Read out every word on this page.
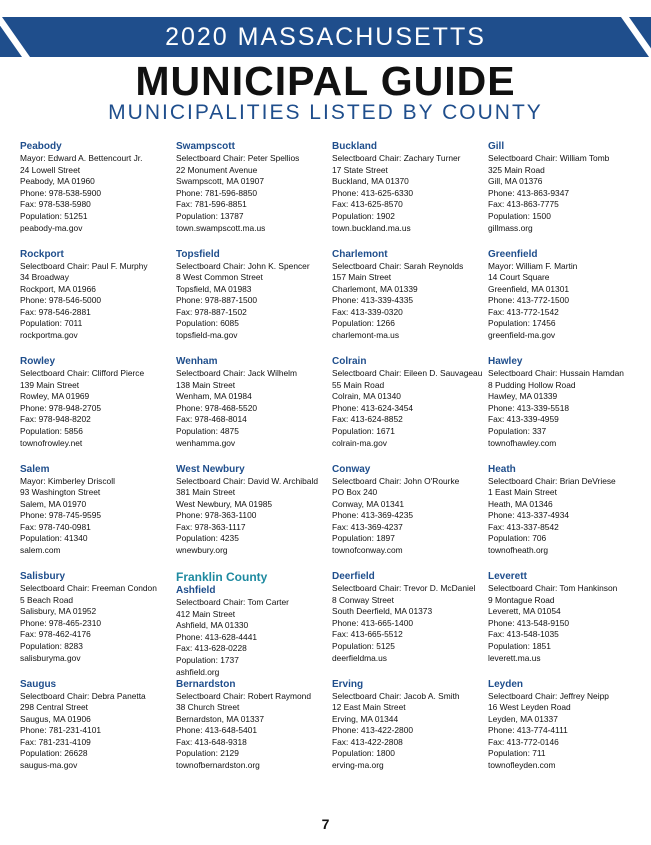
2020 MASSACHUSETTS
MUNICIPAL GUIDE
MUNICIPALITIES LISTED BY COUNTY
Peabody
Mayor: Edward A. Bettencourt Jr.
24 Lowell Street
Peabody, MA 01960
Phone: 978-538-5900
Fax: 978-538-5980
Population: 51251
peabody-ma.gov
Rockport
Selectboard Chair: Paul F. Murphy
34 Broadway
Rockport, MA 01966
Phone: 978-546-5000
Fax: 978-546-2881
Population: 7011
rockportma.gov
Rowley
Selectboard Chair: Clifford Pierce
139 Main Street
Rowley, MA 01969
Phone: 978-948-2705
Fax: 978-948-8202
Population: 5856
townofrowley.net
Salem
Mayor: Kimberley Driscoll
93 Washington Street
Salem, MA 01970
Phone: 978-745-9595
Fax: 978-740-0981
Population: 41340
salem.com
Salisbury
Selectboard Chair: Freeman Condon
5 Beach Road
Salisbury, MA 01952
Phone: 978-465-2310
Fax: 978-462-4176
Population: 8283
salisburyma.gov
Saugus
Selectboard Chair: Debra Panetta
298 Central Street
Saugus, MA 01906
Phone: 781-231-4101
Fax: 781-231-4109
Population: 26628
saugus-ma.gov
Swampscott
Selectboard Chair: Peter Spellios
22 Monument Avenue
Swampscott, MA 01907
Phone: 781-596-8850
Fax: 781-596-8851
Population: 13787
town.swampscott.ma.us
Topsfield
Selectboard Chair: John K. Spencer
8 West Common Street
Topsfield, MA 01983
Phone: 978-887-1500
Fax: 978-887-1502
Population: 6085
topsfield-ma.gov
Wenham
Selectboard Chair: Jack Wilhelm
138 Main Street
Wenham, MA 01984
Phone: 978-468-5520
Fax: 978-468-8014
Population: 4875
wenhamma.gov
West Newbury
Selectboard Chair: David W. Archibald
381 Main Street
West Newbury, MA 01985
Phone: 978-363-1100
Fax: 978-363-1117
Population: 4235
wnewbury.org
Franklin County
Ashfield
Selectboard Chair: Tom Carter
412 Main Street
Ashfield, MA 01330
Phone: 413-628-4441
Fax: 413-628-0228
Population: 1737
ashfield.org
Bernardston
Selectboard Chair: Robert Raymond
38 Church Street
Bernardston, MA 01337
Phone: 413-648-5401
Fax: 413-648-9318
Population: 2129
townofbernardston.org
Buckland
Selectboard Chair: Zachary Turner
17 State Street
Buckland, MA 01370
Phone: 413-625-6330
Fax: 413-625-8570
Population: 1902
town.buckland.ma.us
Charlemont
Selectboard Chair: Sarah Reynolds
157 Main Street
Charlemont, MA 01339
Phone: 413-339-4335
Fax: 413-339-0320
Population: 1266
charlemont-ma.us
Colrain
Selectboard Chair: Eileen D. Sauvageau
55 Main Road
Colrain, MA 01340
Phone: 413-624-3454
Fax: 413-624-8852
Population: 1671
colrain-ma.gov
Conway
Selectboard Chair: John O'Rourke
PO Box 240
Conway, MA 01341
Phone: 413-369-4235
Fax: 413-369-4237
Population: 1897
townofconway.com
Deerfield
Selectboard Chair: Trevor D. McDaniel
8 Conway Street
South Deerfield, MA 01373
Phone: 413-665-1400
Fax: 413-665-5512
Population: 5125
deerfieldma.us
Erving
Selectboard Chair: Jacob A. Smith
12 East Main Street
Erving, MA 01344
Phone: 413-422-2800
Fax: 413-422-2808
Population: 1800
erving-ma.org
Gill
Selectboard Chair: William Tomb
325 Main Road
Gill, MA 01376
Phone: 413-863-9347
Fax: 413-863-7775
Population: 1500
gillmass.org
Greenfield
Mayor: William F. Martin
14 Court Square
Greenfield, MA 01301
Phone: 413-772-1500
Fax: 413-772-1542
Population: 17456
greenfield-ma.gov
Hawley
Selectboard Chair: Hussain Hamdan
8 Pudding Hollow Road
Hawley, MA 01339
Phone: 413-339-5518
Fax: 413-339-4959
Population: 337
townofhawley.com
Heath
Selectboard Chair: Brian DeVriese
1 East Main Street
Heath, MA 01346
Phone: 413-337-4934
Fax: 413-337-8542
Population: 706
townofheath.org
Leverett
Selectboard Chair: Tom Hankinson
9 Montague Road
Leverett, MA 01054
Phone: 413-548-9150
Fax: 413-548-1035
Population: 1851
leverett.ma.us
Leyden
Selectboard Chair: Jeffrey Neipp
16 West Leyden Road
Leyden, MA 01337
Phone: 413-774-4111
Fax: 413-772-0146
Population: 711
townofleyden.com
7
